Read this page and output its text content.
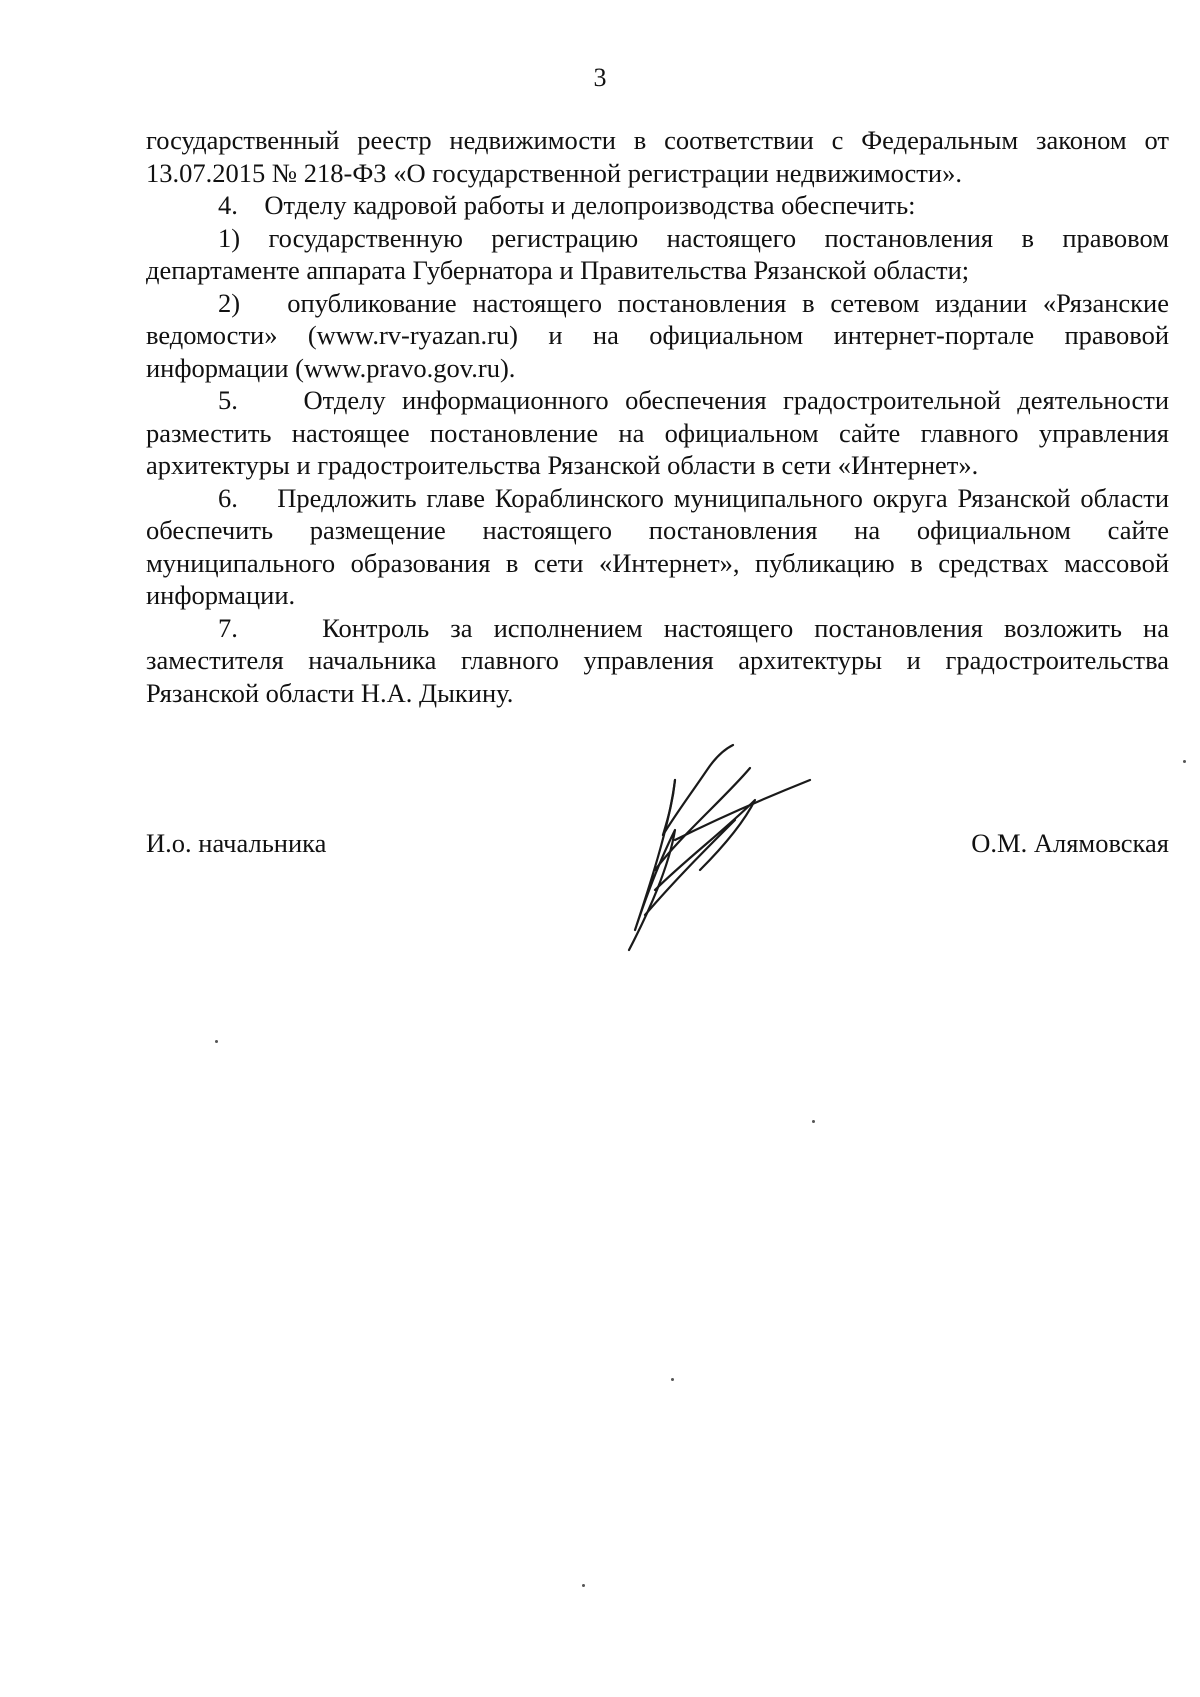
3

государственный реестр недвижимости в соответствии с Федеральным законом от 13.07.2015 № 218-ФЗ «О государственной регистрации недвижимости».

4.    Отделу кадровой работы и делопроизводства обеспечить:

1) государственную регистрацию настоящего постановления в правовом департаменте аппарата Губернатора и Правительства Рязанской области;

2)   опубликование настоящего постановления в сетевом издании «Рязанские ведомости» (www.rv-ryazan.ru) и на официальном интернет-портале правовой информации (www.pravo.gov.ru).

5.    Отделу информационного обеспечения градостроительной деятельности разместить настоящее постановление на официальном сайте главного управления архитектуры и градостроительства Рязанской области в сети «Интернет».

6.    Предложить главе Кораблинского муниципального округа Рязанской области обеспечить размещение настоящего постановления на официальном сайте муниципального образования в сети «Интернет», публикацию в средствах массовой информации.

7.    Контроль за исполнением настоящего постановления возложить на заместителя начальника главного управления архитектуры и градостроительства Рязанской области Н.А. Дыкину.

И.о. начальника	О.М. Алямовская
